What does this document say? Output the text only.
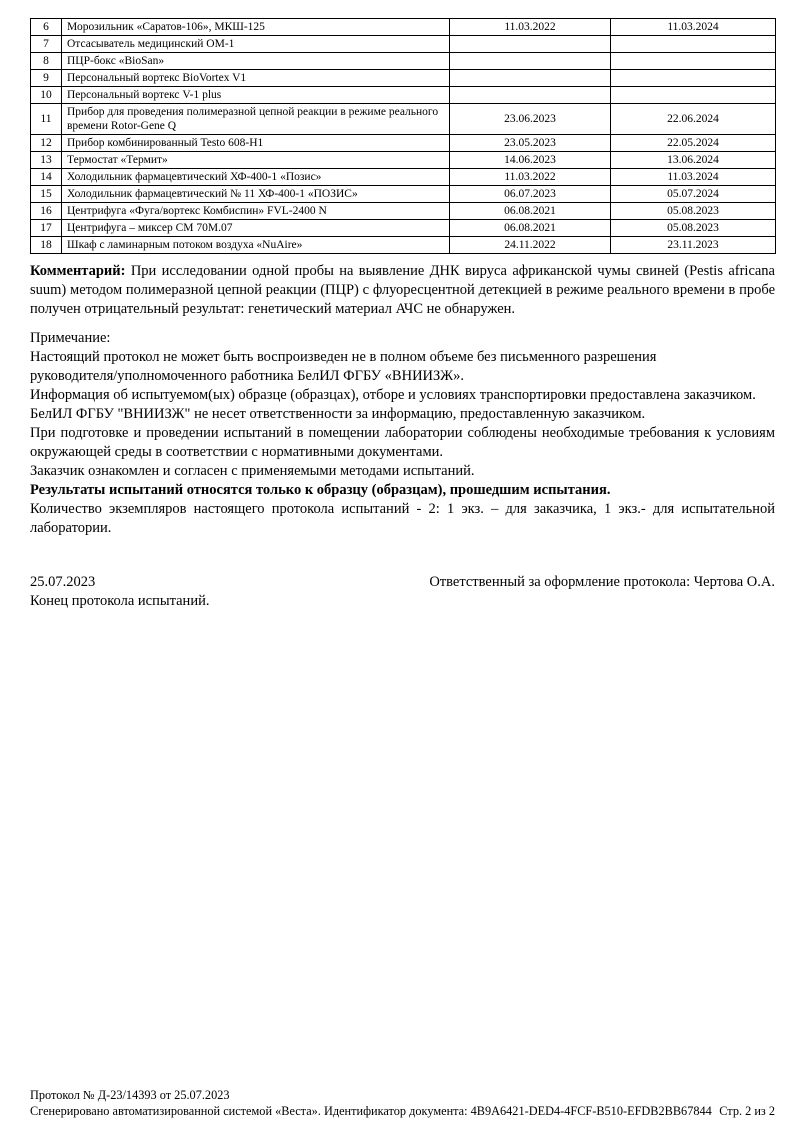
6	Морозильник «Саратов-106», МКШ-125	11.03.2022	11.03.2024
7	Отсасыватель медицинский ОМ-1		
8	ПЦР-бокс «BioSan»		
9	Персональный вортекс BioVortex V1		
10	Персональный вортекс V-1 plus		
11	Прибор для проведения полимеразной цепной реакции в режиме реального времени Rotor-Gene Q	23.06.2023	22.06.2024
12	Прибор комбинированный Testo 608-H1	23.05.2023	22.05.2024
13	Термостат «Термит»	14.06.2023	13.06.2024
14	Холодильник фармацевтический ХФ-400-1 «Позис»	11.03.2022	11.03.2024
15	Холодильник фармацевтический № 11 ХФ-400-1 «ПОЗИС»	06.07.2023	05.07.2024
16	Центрифуга «Фуга/вортекс Комбиспин» FVL-2400 N	06.08.2021	05.08.2023
17	Центрифуга – миксер СМ 70М.07	06.08.2021	05.08.2023
18	Шкаф с ламинарным потоком воздуха «NuAire»	24.11.2022	23.11.2023

Комментарий: При исследовании одной пробы на выявление ДНК вируса африканской чумы свиней (Pestis africana suum) методом полимеразной цепной реакции (ПЦР) с флуоресцентной детекцией в режиме реального времени в пробе получен отрицательный результат: генетический материал АЧС не обнаружен.

Примечание:
Настоящий протокол не может быть воспроизведен не в полном объеме без письменного разрешения
руководителя/уполномоченного работника БелИЛ ФГБУ «ВНИИЗЖ».
Информация об испытуемом(ых) образце (образцах), отборе и условиях транспортировки предоставлена заказчиком.
БелИЛ ФГБУ "ВНИИЗЖ" не несет ответственности за информацию, предоставленную заказчиком.
При подготовке и проведении испытаний в помещении лаборатории соблюдены необходимые требования к условиям окружающей среды в соответствии с нормативными документами.
Заказчик ознакомлен и согласен с применяемыми методами испытаний.
Результаты испытаний относятся только к образцу (образцам), прошедшим испытания.
Количество экземпляров настоящего протокола испытаний - 2: 1 экз. – для заказчика, 1 экз.- для испытательной лаборатории.
25.07.2023	Ответственный за оформление протокола: Чертова О.А.
Конец протокола испытаний.
Протокол № Д-23/14393 от 25.07.2023
Сгенерировано автоматизированной системой «Веста». Идентификатор документа: 4B9A6421-DED4-4FCF-B510-EFDB2BB67844 Стр. 2 из 2
